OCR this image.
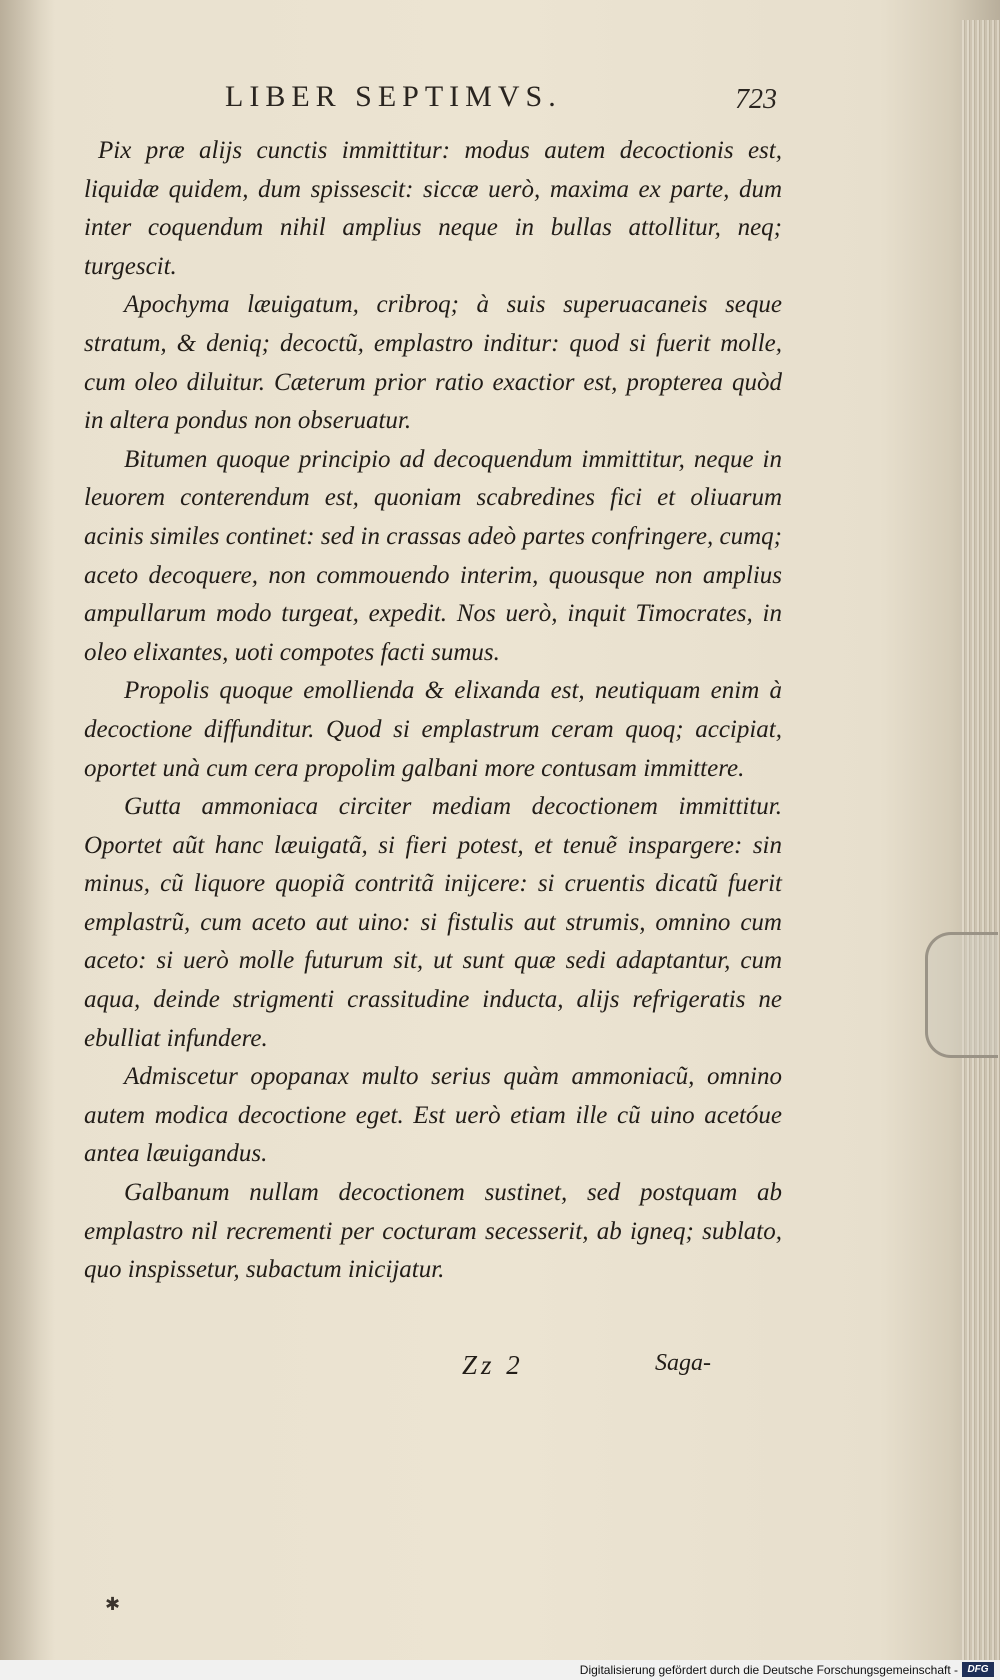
LIBER SEPTIMVS.	723

Pix præ alijs cunctis immittitur: modus autem decoctionis est, liquidæ quidem, dum spissescit: siccæ uerò, maxima ex parte, dum inter coquendum nihil amplius neque in bullas attollitur, neq; turgescit.

Apochyma læuigatum, cribroq; à suis superuacaneis seque stratum, & deniq; decoctũ, emplastro inditur: quod si fuerit molle, cum oleo diluitur. Cæterum prior ratio exactior est, propterea quòd in altera pondus non obseruatur.

Bitumen quoque principio ad decoquendum immittitur, neque in leuorem conterendum est, quoniam scabredines fici et oliuarum acinis similes continet: sed in crassas adeò partes confringere, cumq; aceto decoquere, non commouendo interim, quousque non amplius ampullarum modo turgeat, expedit. Nos uerò, inquit Timocrates, in oleo elixantes, uoti compotes facti sumus.

Propolis quoque emollienda & elixanda est, neutiquam enim à decoctione diffunditur. Quod si emplastrum ceram quoq; accipiat, oportet unà cum cera propolim galbani more contusam immittere.

Gutta ammoniaca circiter mediam decoctionem immittitur. Oportet aũt hanc læuigatã, si fieri potest, et tenuẽ inspargere: sin minus, cũ liquore quopiã contritã inijcere: si cruentis dicatũ fuerit emplastrũ, cum aceto aut uino: si fistulis aut strumis, omnino cum aceto: si uerò molle futurum sit, ut sunt quæ sedi adaptantur, cum aqua, deinde strigmenti crassitudine inducta, alijs refrigeratis ne ebulliat infundere.

Admiscetur opopanax multo serius quàm ammoniacũ, omnino autem modica decoctione eget. Est uerò etiam ille cũ uino acetóue antea læuigandus.

Galbanum nullam decoctionem sustinet, sed postquam ab emplastro nil recrementi per cocturam secesserit, ab igneq; sublato, quo inspissetur, subactum inicijatur.

Zz 2	Saga-
✱
Digitalisierung gefördert durch die Deutsche Forschungsgemeinschaft - DFG
